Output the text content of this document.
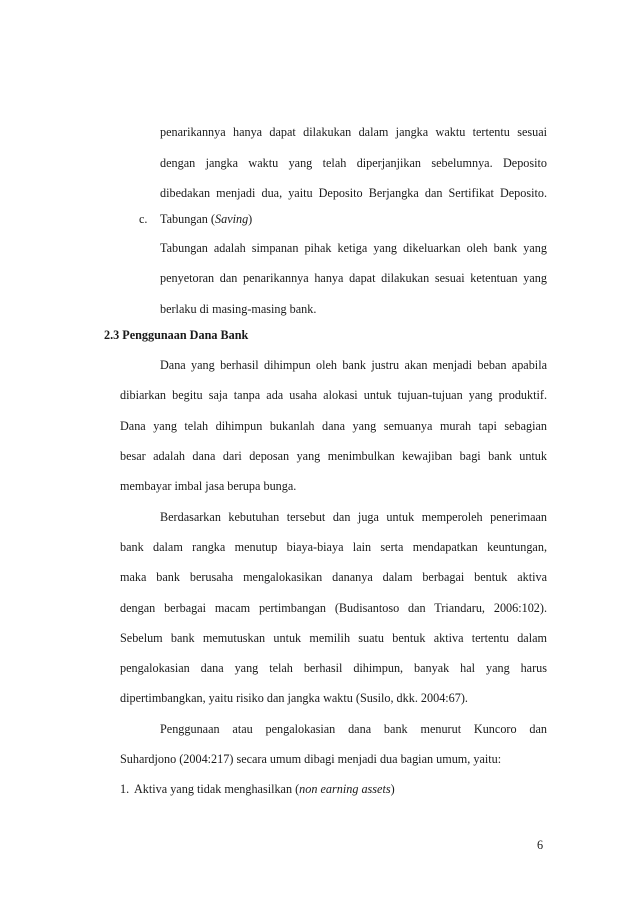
penarikannya hanya dapat dilakukan dalam jangka waktu tertentu sesuai
dengan jangka waktu yang telah diperjanjikan sebelumnya. Deposito
dibedakan menjadi dua, yaitu Deposito Berjangka dan Sertifikat Deposito.
c. Tabungan (Saving)
Tabungan adalah simpanan pihak ketiga yang dikeluarkan oleh bank yang
penyetoran dan penarikannya hanya dapat dilakukan sesuai ketentuan yang
berlaku di masing-masing bank.
2.3 Penggunaan Dana Bank
Dana yang berhasil dihimpun oleh bank justru akan menjadi beban apabila
dibiarkan begitu saja tanpa ada usaha alokasi untuk tujuan-tujuan yang produktif.
Dana yang telah dihimpun bukanlah dana yang semuanya murah tapi sebagian
besar adalah dana dari deposan yang menimbulkan kewajiban bagi bank untuk
membayar imbal jasa berupa bunga.
Berdasarkan kebutuhan tersebut dan juga untuk memperoleh penerimaan
bank dalam rangka menutup biaya-biaya lain serta mendapatkan keuntungan,
maka bank berusaha mengalokasikan dananya dalam berbagai bentuk aktiva
dengan berbagai macam pertimbangan (Budisantoso dan Triandaru, 2006:102).
Sebelum bank memutuskan untuk memilih suatu bentuk aktiva tertentu dalam
pengalokasian dana yang telah berhasil dihimpun, banyak hal yang harus
dipertimbangkan, yaitu risiko dan jangka waktu (Susilo, dkk. 2004:67).
Penggunaan atau pengalokasian dana bank menurut Kuncoro dan
Suhardjono (2004:217) secara umum dibagi menjadi dua bagian umum, yaitu:
1. Aktiva yang tidak menghasilkan (non earning assets)
6
